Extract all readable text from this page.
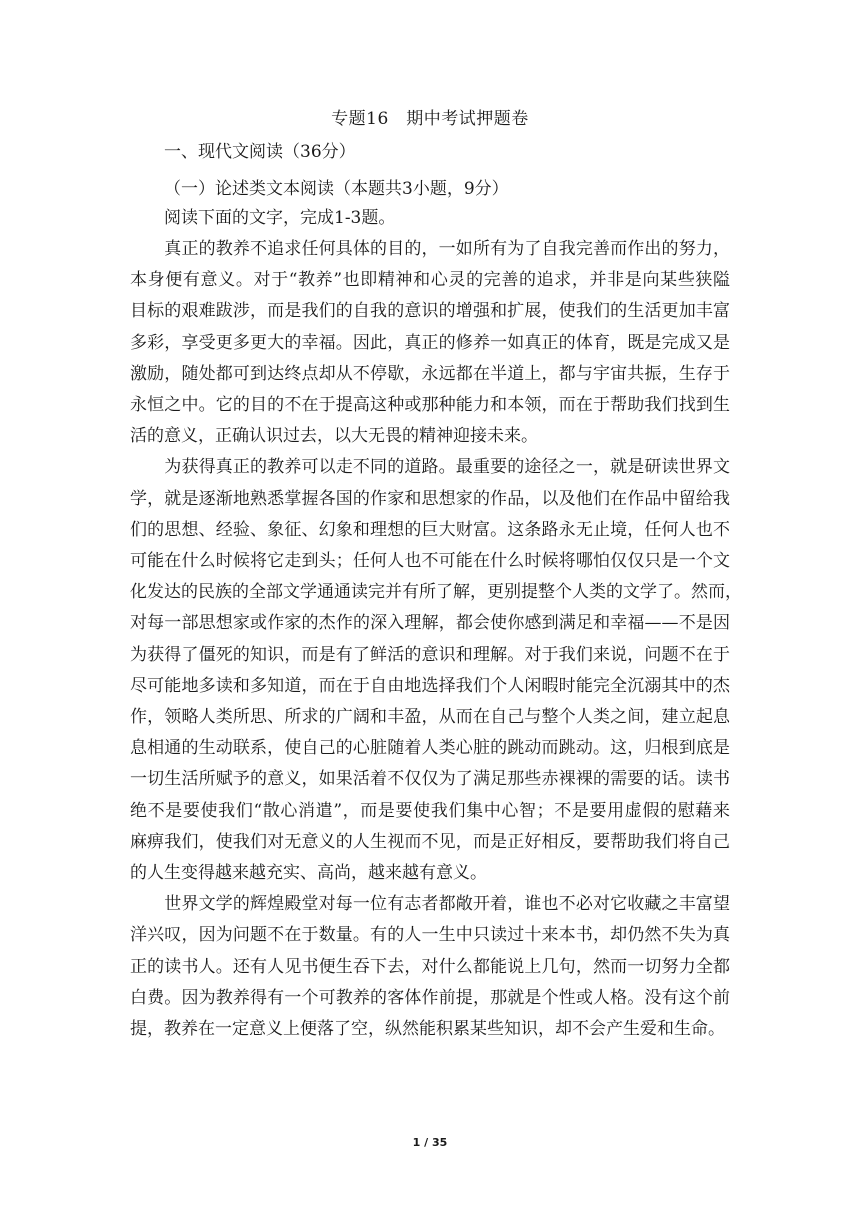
专题16　期中考试押题卷
一、现代文阅读（36分）
（一）论述类文本阅读（本题共3小题，9分）
阅读下面的文字，完成1-3题。
　　真正的教养不追求任何具体的目的，一如所有为了自我完善而作出的努力，
本身便有意义。对于“教养”也即精神和心灵的完善的追求，并非是向某些狭隘
目标的艰难跋涉，而是我们的自我的意识的增强和扩展，使我们的生活更加丰富
多彩，享受更多更大的幸福。因此，真正的修养一如真正的体育，既是完成又是
激励，随处都可到达终点却从不停歇，永远都在半道上，都与宇宙共振，生存于
永恒之中。它的目的不在于提高这种或那种能力和本领，而在于帮助我们找到生
活的意义，正确认识过去，以大无畏的精神迎接未来。
　　为获得真正的教养可以走不同的道路。最重要的途径之一，就是研读世界文
学，就是逐渐地熟悉掌握各国的作家和思想家的作品，以及他们在作品中留给我
们的思想、经验、象征、幻象和理想的巨大财富。这条路永无止境，任何人也不
可能在什么时候将它走到头；任何人也不可能在什么时候将哪怕仅仅只是一个文
化发达的民族的全部文学通通读完并有所了解，更别提整个人类的文学了。然而，
对每一部思想家或作家的杰作的深入理解，都会使你感到满足和幸福——不是因
为获得了僵死的知识，而是有了鲜活的意识和理解。对于我们来说，问题不在于
尽可能地多读和多知道，而在于自由地选择我们个人闲暇时能完全沉溺其中的杰
作，领略人类所思、所求的广阔和丰盈，从而在自己与整个人类之间，建立起息
息相通的生动联系，使自己的心脏随着人类心脏的跳动而跳动。这，归根到底是
一切生活所赋予的意义，如果活着不仅仅为了满足那些赤裸裸的需要的话。读书
绝不是要使我们“散心消遣”，而是要使我们集中心智；不是要用虚假的慰藉来
麻痹我们，使我们对无意义的人生视而不见，而是正好相反，要帮助我们将自己
的人生变得越来越充实、高尚，越来越有意义。
　　世界文学的辉煌殿堂对每一位有志者都敞开着，谁也不必对它收藏之丰富望
洋兴叹，因为问题不在于数量。有的人一生中只读过十来本书，却仍然不失为真
正的读书人。还有人见书便生吞下去，对什么都能说上几句，然而一切努力全都
白费。因为教养得有一个可教养的客体作前提，那就是个性或人格。没有这个前
提，教养在一定意义上便落了空，纵然能积累某些知识，却不会产生爱和生命。
1 / 35
